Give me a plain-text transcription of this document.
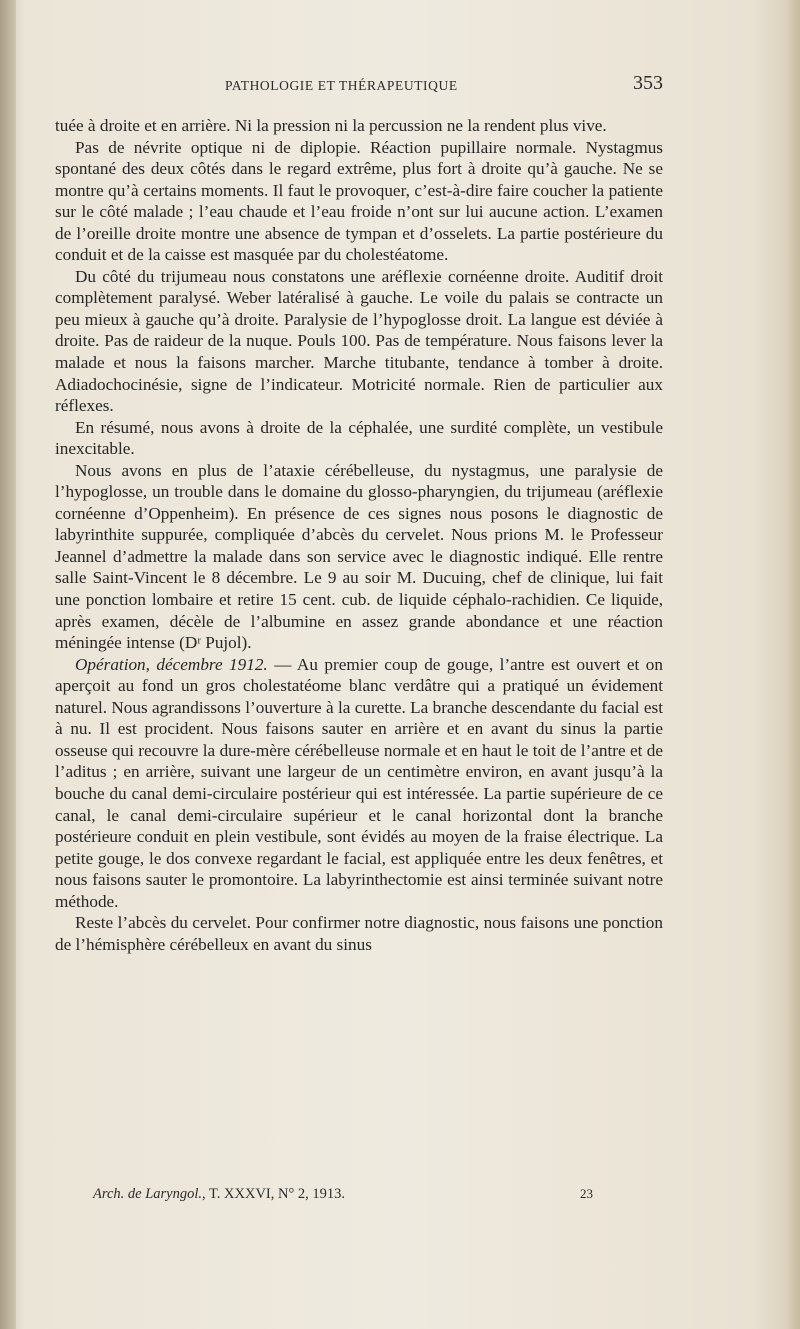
PATHOLOGIE ET THÉRAPEUTIQUE	353

tuée à droite et en arrière. Ni la pression ni la percussion ne la rendent plus vive.

Pas de névrite optique ni de diplopie. Réaction pupillaire normale. Nystagmus spontané des deux côtés dans le regard extrême, plus fort à droite qu’à gauche. Ne se montre qu’à certains moments. Il faut le provoquer, c’est-à-dire faire coucher la patiente sur le côté malade ; l’eau chaude et l’eau froide n’ont sur lui aucune action. L’examen de l’oreille droite montre une absence de tympan et d’osselets. La partie postérieure du conduit et de la caisse est masquée par du cholestéatome.

Du côté du trijumeau nous constatons une aréflexie cornéenne droite. Auditif droit complètement paralysé. Weber latéralisé à gauche. Le voile du palais se contracte un peu mieux à gauche qu’à droite. Paralysie de l’hypoglosse droit. La langue est déviée à droite. Pas de raideur de la nuque. Pouls 100. Pas de température. Nous faisons lever la malade et nous la faisons marcher. Marche titubante, tendance à tomber à droite. Adiadochocinésie, signe de l’indicateur. Motricité normale. Rien de particulier aux réflexes.

En résumé, nous avons à droite de la céphalée, une surdité complète, un vestibule inexcitable.

Nous avons en plus de l’ataxie cérébelleuse, du nystagmus, une paralysie de l’hypoglosse, un trouble dans le domaine du glosso-pharyngien, du trijumeau (aréflexie cornéenne d’Oppenheim). En présence de ces signes nous posons le diagnostic de labyrinthite suppurée, compliquée d’abcès du cervelet. Nous prions M. le Professeur Jeannel d’admettre la malade dans son service avec le diagnostic indiqué. Elle rentre salle Saint-Vincent le 8 décembre. Le 9 au soir M. Ducuing, chef de clinique, lui fait une ponction lombaire et retire 15 cent. cub. de liquide céphalo-rachidien. Ce liquide, après examen, décèle de l’albumine en assez grande abondance et une réaction méningée intense (Dʳ Pujol).

Opération, décembre 1912. — Au premier coup de gouge, l’antre est ouvert et on aperçoit au fond un gros cholestatéome blanc verdâtre qui a pratiqué un évidement naturel. Nous agrandissons l’ouverture à la curette. La branche descendante du facial est à nu. Il est procident. Nous faisons sauter en arrière et en avant du sinus la partie osseuse qui recouvre la dure-mère cérébelleuse normale et en haut le toit de l’antre et de l’aditus ; en arrière, suivant une largeur de un centimètre environ, en avant jusqu’à la bouche du canal demi-circulaire postérieur qui est intéressée. La partie supérieure de ce canal, le canal demi-circulaire supérieur et le canal horizontal dont la branche postérieure conduit en plein vestibule, sont évidés au moyen de la fraise électrique. La petite gouge, le dos convexe regardant le facial, est appliquée entre les deux fenêtres, et nous faisons sauter le promontoire. La labyrinthectomie est ainsi terminée suivant notre méthode.

Reste l’abcès du cervelet. Pour confirmer notre diagnostic, nous faisons une ponction de l’hémisphère cérébelleux en avant du sinus

Arch. de Laryngol., T. XXXVI, N° 2, 1913.	23
